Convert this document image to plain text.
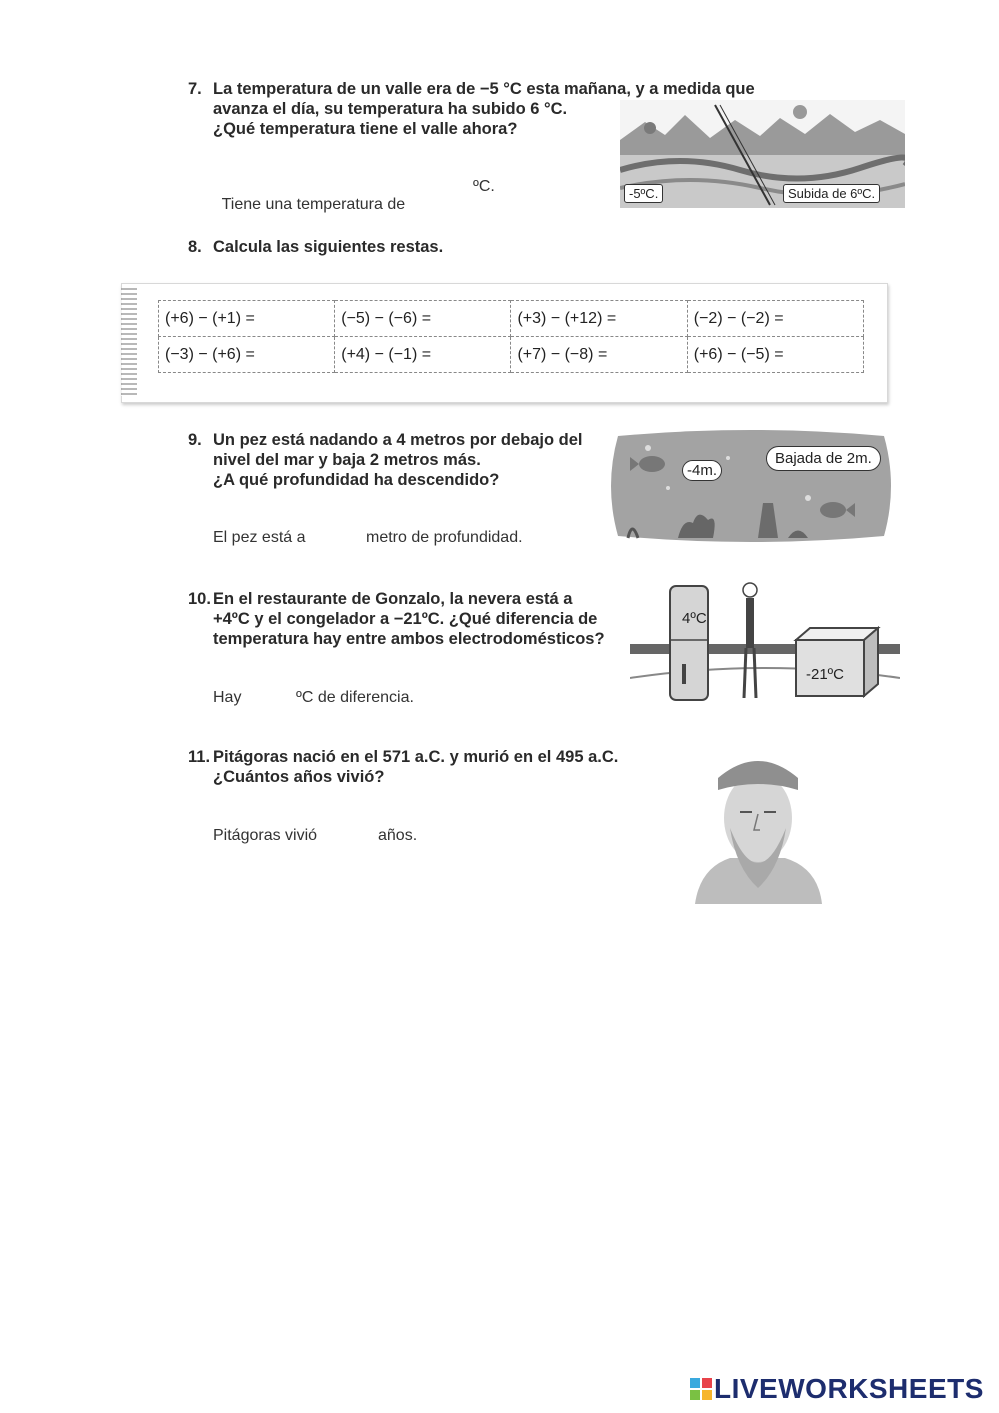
7. La temperatura de un valle era de −5 °C esta mañana, y a medida que
avanza el día, su temperatura ha subido 6 °C.
¿Qué temperatura tiene el valle ahora?

Tiene una temperatura de

ºC.	-5ºC.	Subida de 6ºC.
8. Calcula las siguientes restas.
(+6) − (+1) =	(−5) − (−6) =	(+3) − (+12) =	(−2) − (−2) =
(−3) − (+6) =	(+4) − (−1) =	(+7) − (−8) =	(+6) − (−5) =
9. Un pez está nadando a 4 metros por debajo del
nivel del mar y baja 2 metros más.
¿A qué profundidad ha descendido?
El pez está a	metro de profundidad.
-4m.
Bajada de 2m.
10. En el restaurante de Gonzalo, la nevera está a
+4ºC y el congelador a −21ºC. ¿Qué diferencia de
temperatura hay entre ambos electrodomésticos?
Hay	ºC de diferencia.
4ºC
-21ºC
11. Pitágoras nació en el 571 a.C. y murió en el 495 a.C.
¿Cuántos años vivió?
Pitágoras vivió	años.
LIVEWORKSHEETS
